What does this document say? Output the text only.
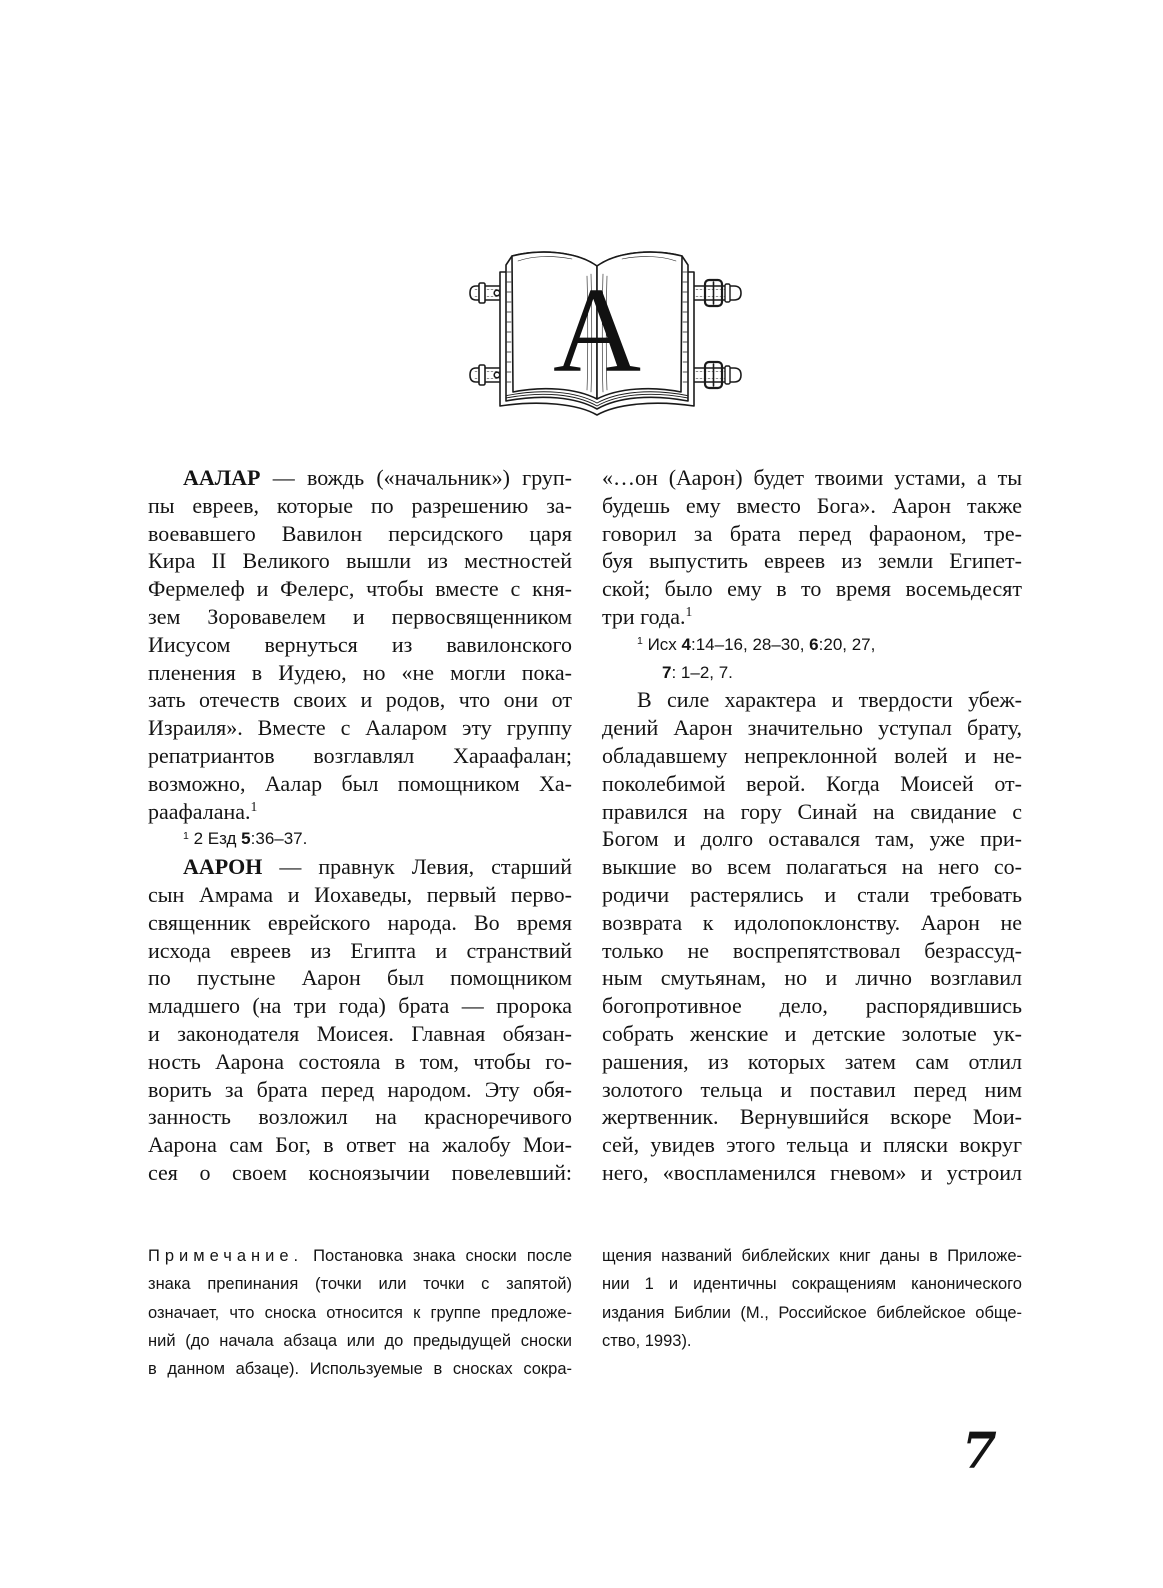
А
ААЛАР — вождь («начальник») груп-
пы евреев, которые по разрешению за-
воевавшего Вавилон персидского царя
Кира II Великого вышли из местностей
Фермелеф и Фелерс, чтобы вместе с кня-
зем Зоровавелем и первосвященником
Иисусом вернуться из вавилонского
пленения в Иудею, но «не могли пока-
зать отечеств своих и родов, что они от
Израиля». Вместе с Ааларом эту группу
репатриантов возглавлял Хараафалан;
возможно, Аалар был помощником Ха-
раафалана.$^1$
$^1$ 2 Езд 5:36–37.
ААРОН — правнук Левия, старший
сын Амрама и Иохаведы, первый перво-
священник еврейского народа. Во время
исхода евреев из Египта и странствий
по пустыне Аарон был помощником
младшего (на три года) брата — пророка
и законодателя Моисея. Главная обязан-
ность Аарона состояла в том, чтобы го-
ворить за брата перед народом. Эту обя-
занность возложил на красноречивого
Аарона сам Бог, в ответ на жалобу Мои-
сея о своем косноязычии повелевший:
«…он (Аарон) будет твоими устами, а ты
будешь ему вместо Бога». Аарон также
говорил за брата перед фараоном, тре-
буя выпустить евреев из земли Египет-
ской; было ему в то время восемьдесят
три года.$^1$
$^1$ Исх 4:14–16, 28–30, 6:20, 27,
7: 1–2, 7.
В силе характера и твердости убеж-
дений Аарон значительно уступал брату,
обладавшему непреклонной волей и не-
поколебимой верой. Когда Моисей от-
правился на гору Синай на свидание с
Богом и долго оставался там, уже при-
выкшие во всем полагаться на него со-
родичи растерялись и стали требовать
возврата к идолопоклонству. Аарон не
только не воспрепятствовал безрассуд-
ным смутьянам, но и лично возглавил
богопротивное дело, распорядившись
собрать женские и детские золотые ук-
рашения, из которых затем сам отлил
золотого тельца и поставил перед ним
жертвенник. Вернувшийся вскоре Мои-
сей, увидев этого тельца и пляски вокруг
него, «воспламенился гневом» и устроил
Примечание. Постановка знака сноски после
знака препинания (точки или точки с запятой)
означает, что сноска относится к группе предложе-
ний (до начала абзаца или до предыдущей сноски
в данном абзаце). Используемые в сносках сокра-
щения названий библейских книг даны в Приложе-
нии 1 и идентичны сокращениям канонического
издания Библии (М., Российское библейское обще-
ство, 1993).
7
